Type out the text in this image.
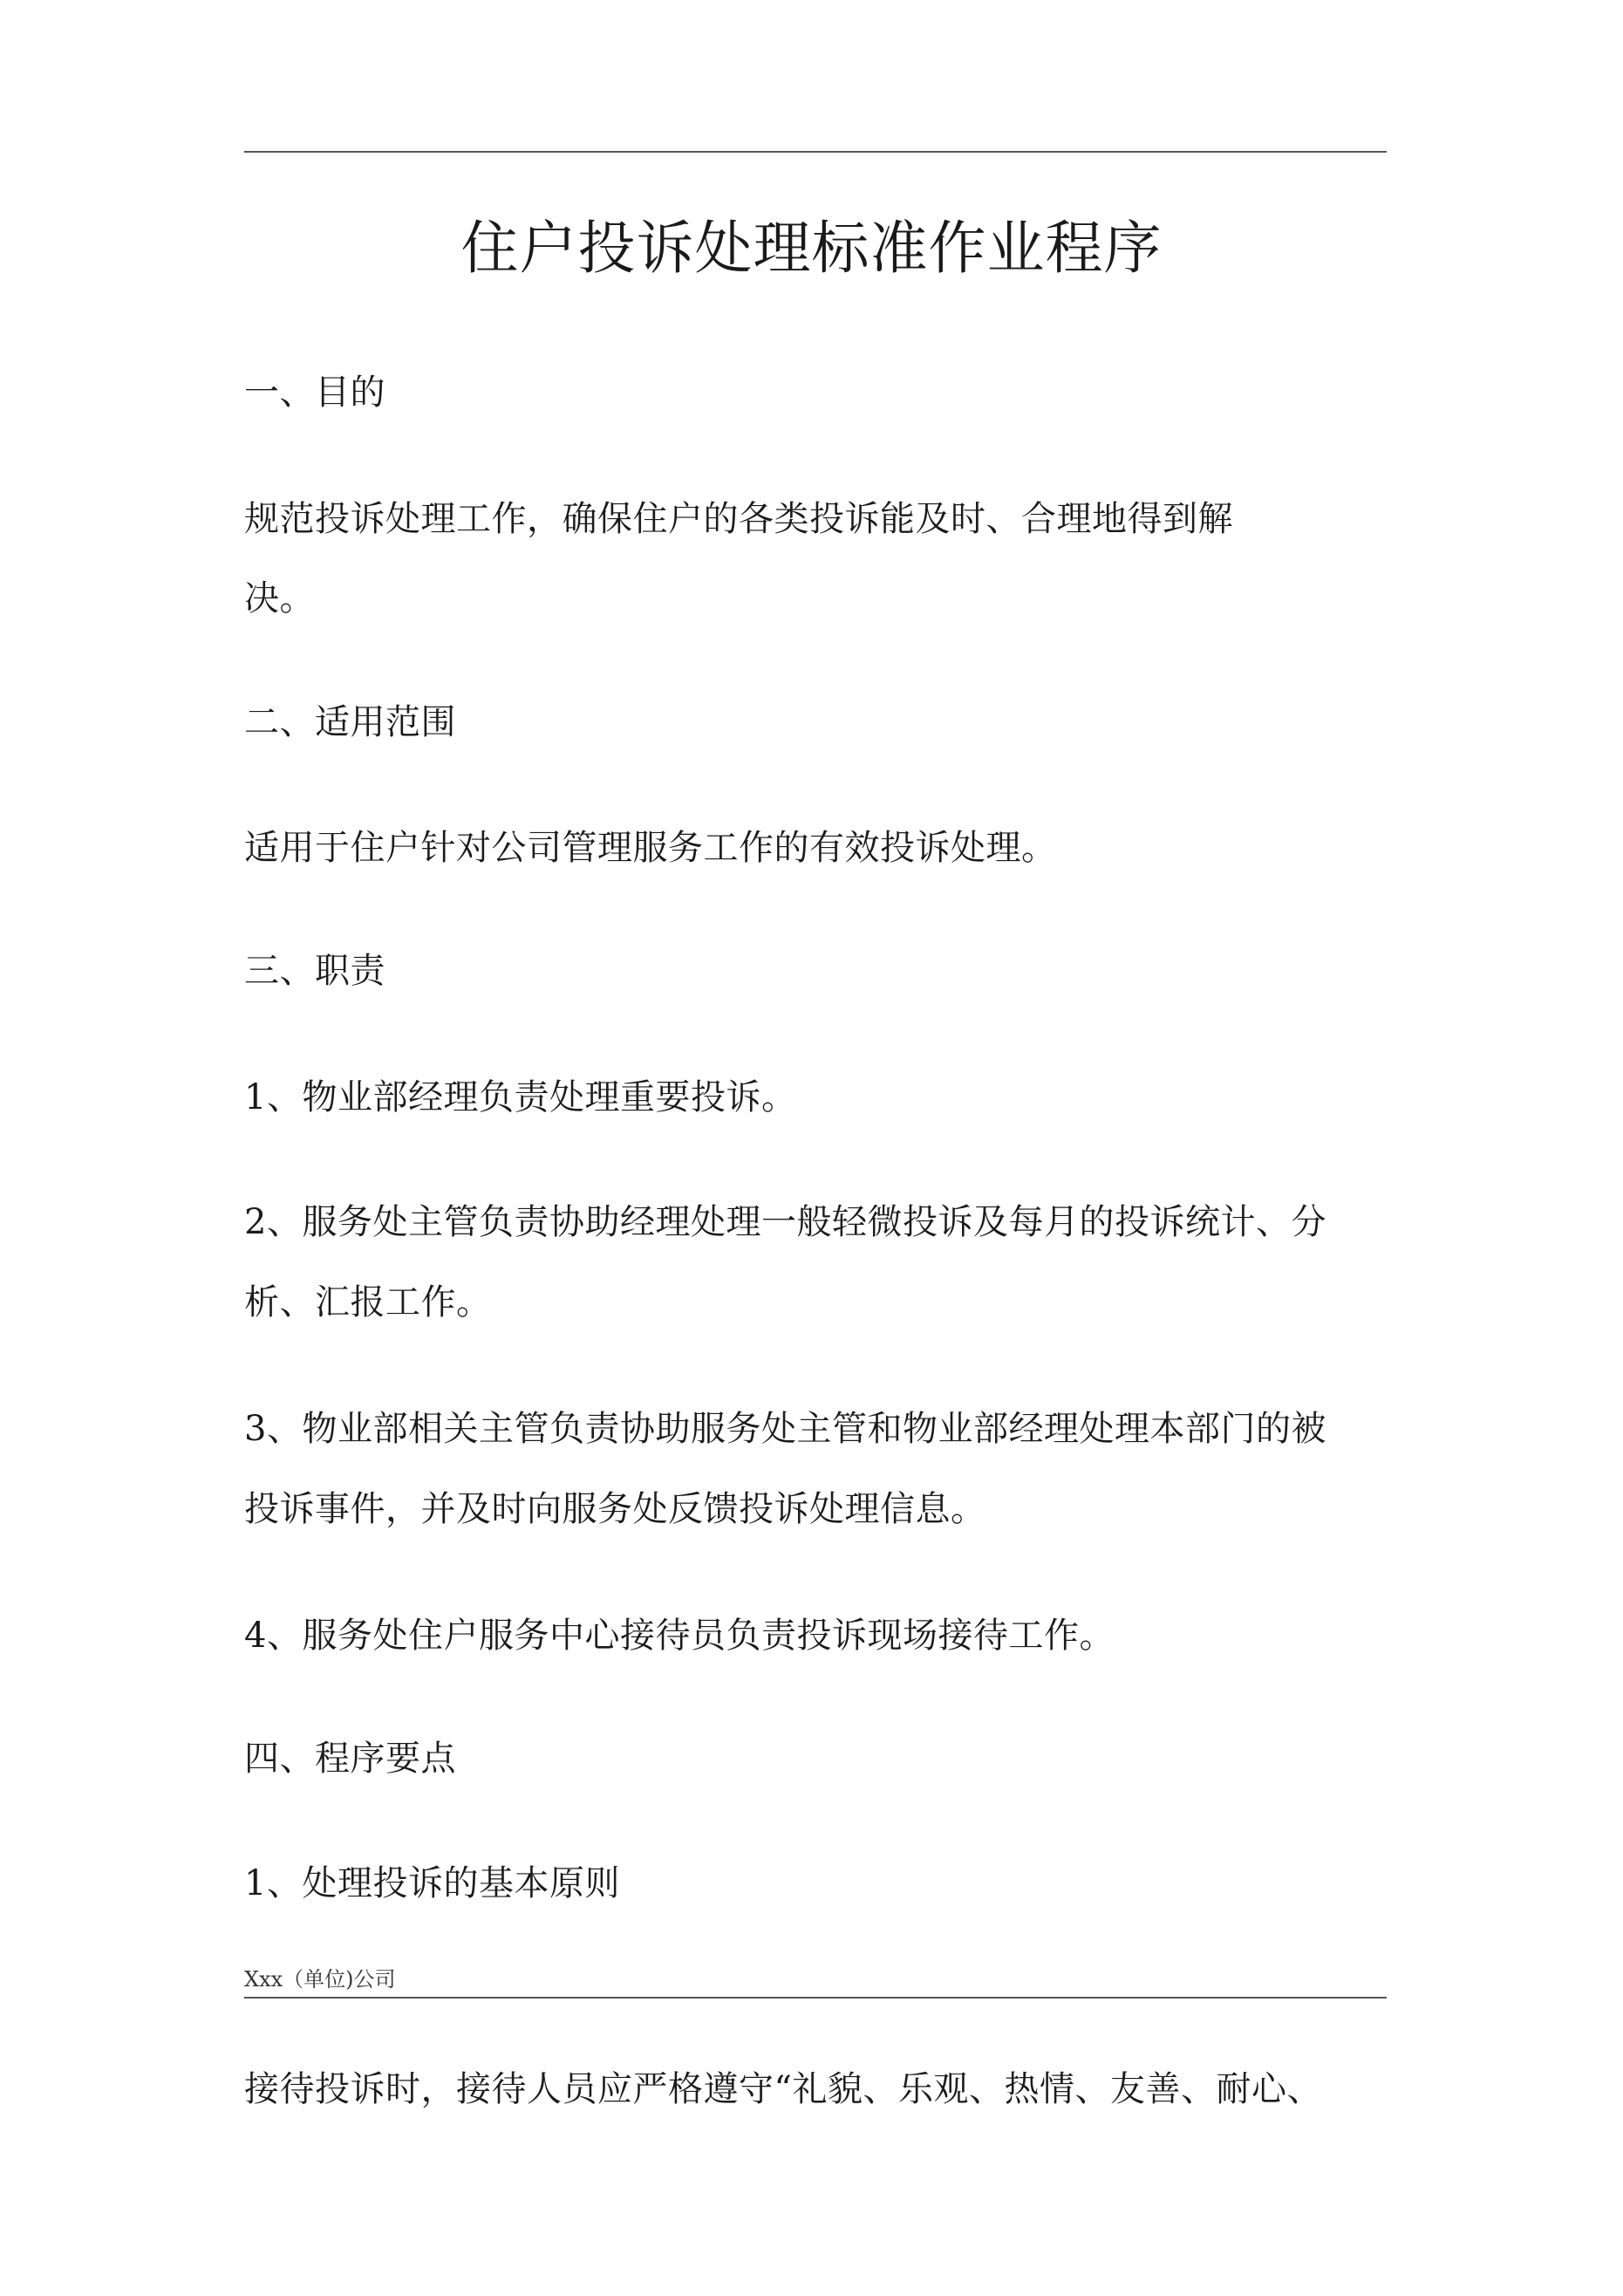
住户投诉处理标准作业程序
一、目的
规范投诉处理工作，确保住户的各类投诉能及时、合理地得到解
决。
二、适用范围
适用于住户针对公司管理服务工作的有效投诉处理。
三、职责
1、物业部经理负责处理重要投诉。
2、服务处主管负责协助经理处理一般轻微投诉及每月的投诉统计、分
析、汇报工作。
3、物业部相关主管负责协助服务处主管和物业部经理处理本部门的被
投诉事件，并及时向服务处反馈投诉处理信息。
4、服务处住户服务中心接待员负责投诉现场接待工作。
四、程序要点
1、处理投诉的基本原则
Xxx（单位)公司
接待投诉时，接待人员应严格遵守“礼貌、乐观、热情、友善、耐心、
